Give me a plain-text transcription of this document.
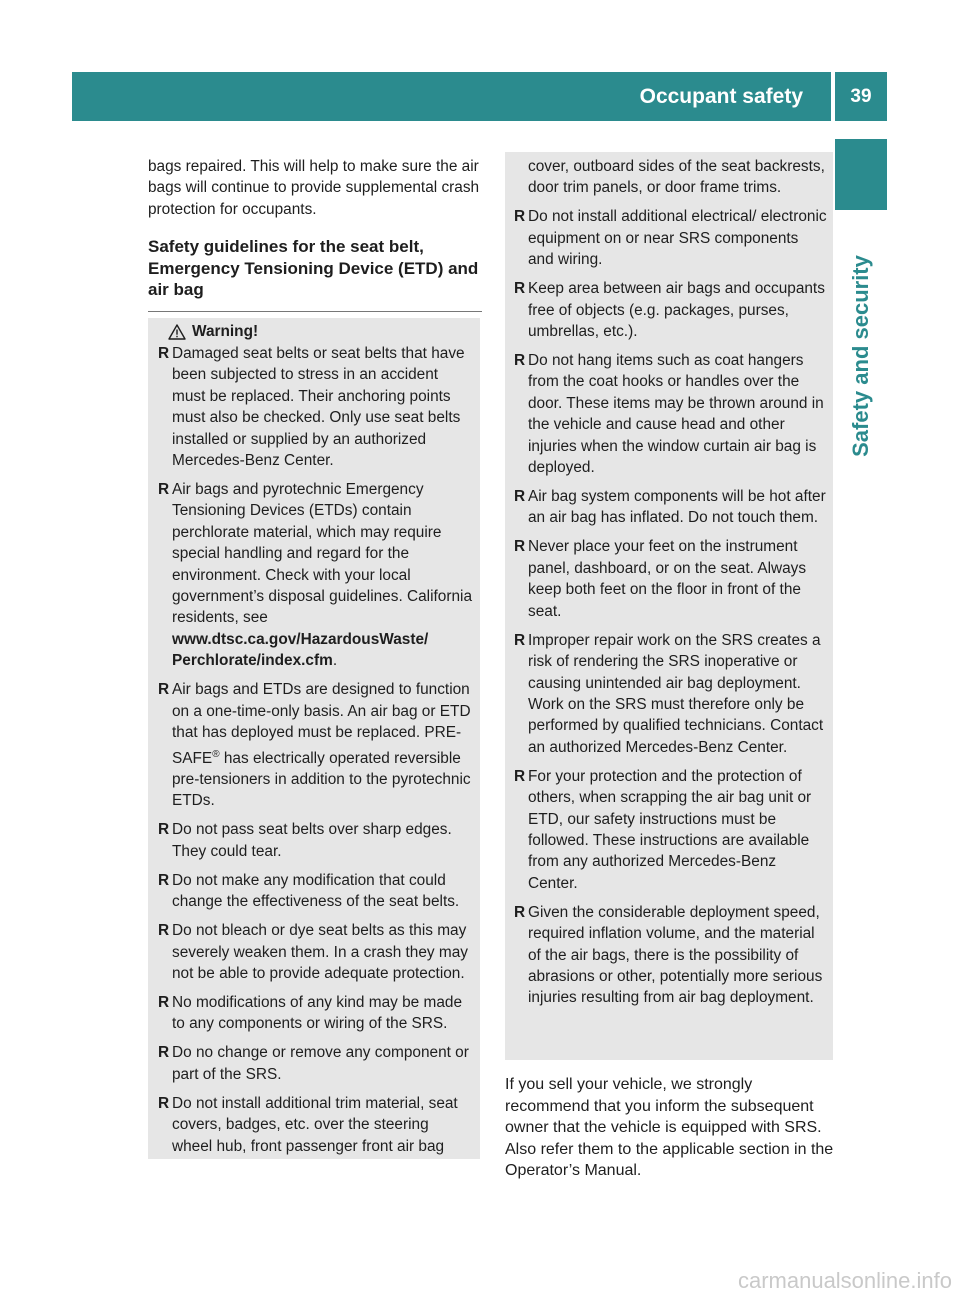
Occupant safety	39
Safety and security

bags repaired. This will help to make sure the air bags will continue to provide supplemental crash protection for occupants.

Safety guidelines for the seat belt, Emergency Tensioning Device (ETD) and air bag
Warning!
R Damaged seat belts or seat belts that have been subjected to stress in an accident must be replaced. Their anchoring points must also be checked. Only use seat belts installed or supplied by an authorized Mercedes-Benz Center.
R Air bags and pyrotechnic Emergency Tensioning Devices (ETDs) contain perchlorate material, which may require special handling and regard for the environment. Check with your local government’s disposal guidelines. California residents, see
www.dtsc.ca.gov/HazardousWaste/ Perchlorate/index.cfm.
R Air bags and ETDs are designed to function on a one-time-only basis. An air bag or ETD that has deployed must be replaced. PRE-SAFE® has electrically operated reversible pre-tensioners in addition to the pyrotechnic ETDs.
R Do not pass seat belts over sharp edges. They could tear.
R Do not make any modification that could change the effectiveness of the seat belts.
R Do not bleach or dye seat belts as this may severely weaken them. In a crash they may not be able to provide adequate protection.
R No modifications of any kind may be made to any components or wiring of the SRS.
R Do no change or remove any component or part of the SRS.
R Do not install additional trim material, seat covers, badges, etc. over the steering wheel hub, front passenger front air bag
cover, outboard sides of the seat backrests, door trim panels, or door frame trims.
R Do not install additional electrical/ electronic equipment on or near SRS components and wiring.
R Keep area between air bags and occupants free of objects (e.g. packages, purses, umbrellas, etc.).
R Do not hang items such as coat hangers from the coat hooks or handles over the door. These items may be thrown around in the vehicle and cause head and other injuries when the window curtain air bag is deployed.
R Air bag system components will be hot after an air bag has inflated. Do not touch them.
R Never place your feet on the instrument panel, dashboard, or on the seat. Always keep both feet on the floor in front of the seat.
R Improper repair work on the SRS creates a risk of rendering the SRS inoperative or causing unintended air bag deployment. Work on the SRS must therefore only be performed by qualified technicians. Contact an authorized Mercedes-Benz Center.
R For your protection and the protection of others, when scrapping the air bag unit or ETD, our safety instructions must be followed. These instructions are available from any authorized Mercedes-Benz Center.
R Given the considerable deployment speed, required inflation volume, and the material of the air bags, there is the possibility of abrasions or other, potentially more serious injuries resulting from air bag deployment.

If you sell your vehicle, we strongly recommend that you inform the subsequent owner that the vehicle is equipped with SRS. Also refer them to the applicable section in the Operator’s Manual.

carmanualsonline.info
